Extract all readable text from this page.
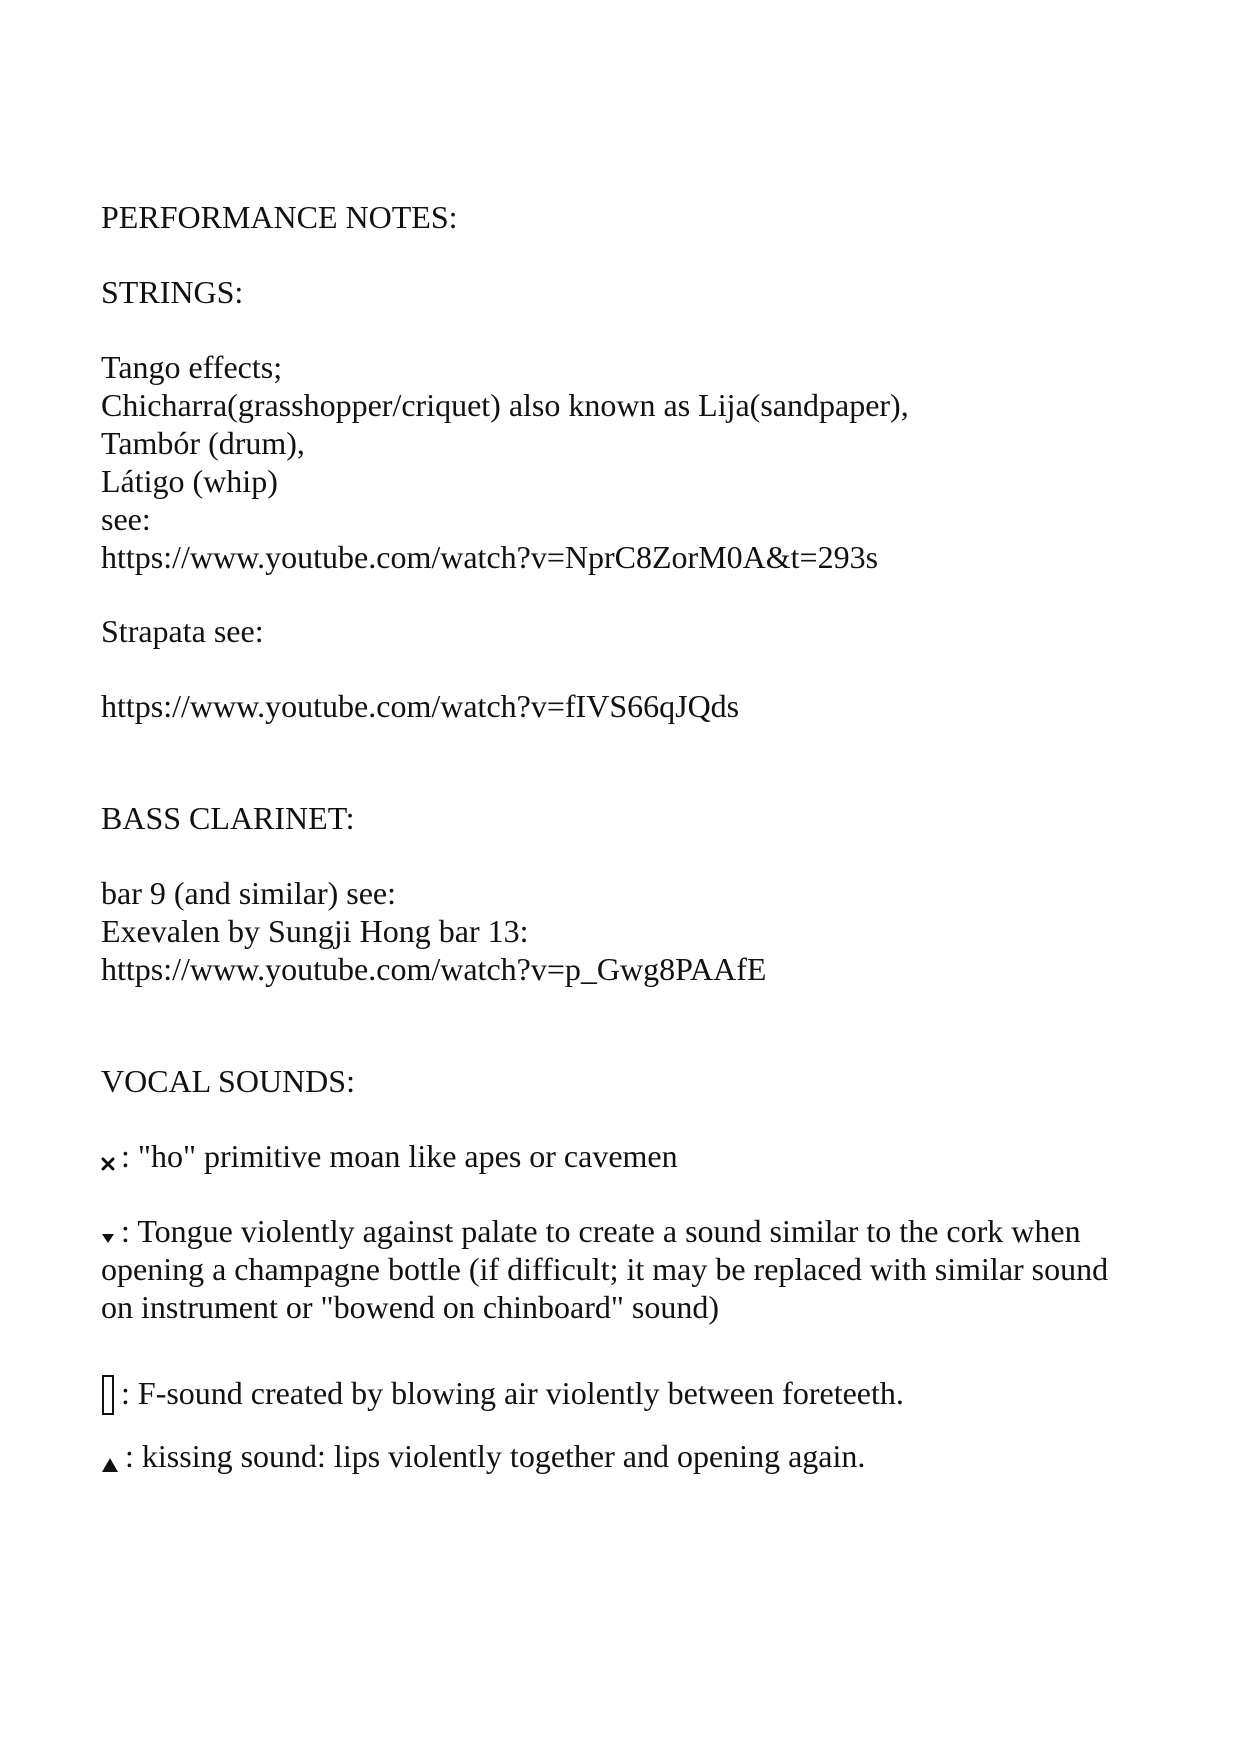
PERFORMANCE NOTES:
STRINGS:
Tango effects;
Chicharra(grasshopper/criquet) also known as Lija(sandpaper),
Tambór (drum),
Látigo (whip)
see:
https://www.youtube.com/watch?v=NprC8ZorM0A&t=293s
Strapata see:
https://www.youtube.com/watch?v=fIVS66qJQds
BASS CLARINET:
bar 9 (and similar) see:
Exevalen by Sungji Hong bar 13:
https://www.youtube.com/watch?v=p_Gwg8PAAfE
VOCAL SOUNDS:
: "ho" primitive moan like apes or cavemen
: Tongue violently against palate to create a sound similar to the cork when
opening a champagne bottle (if difficult; it may be replaced with similar sound
on instrument or "bowend on chinboard" sound)
: F-sound created by blowing air violently between foreteeth.
: kissing sound: lips violently together and opening again.
